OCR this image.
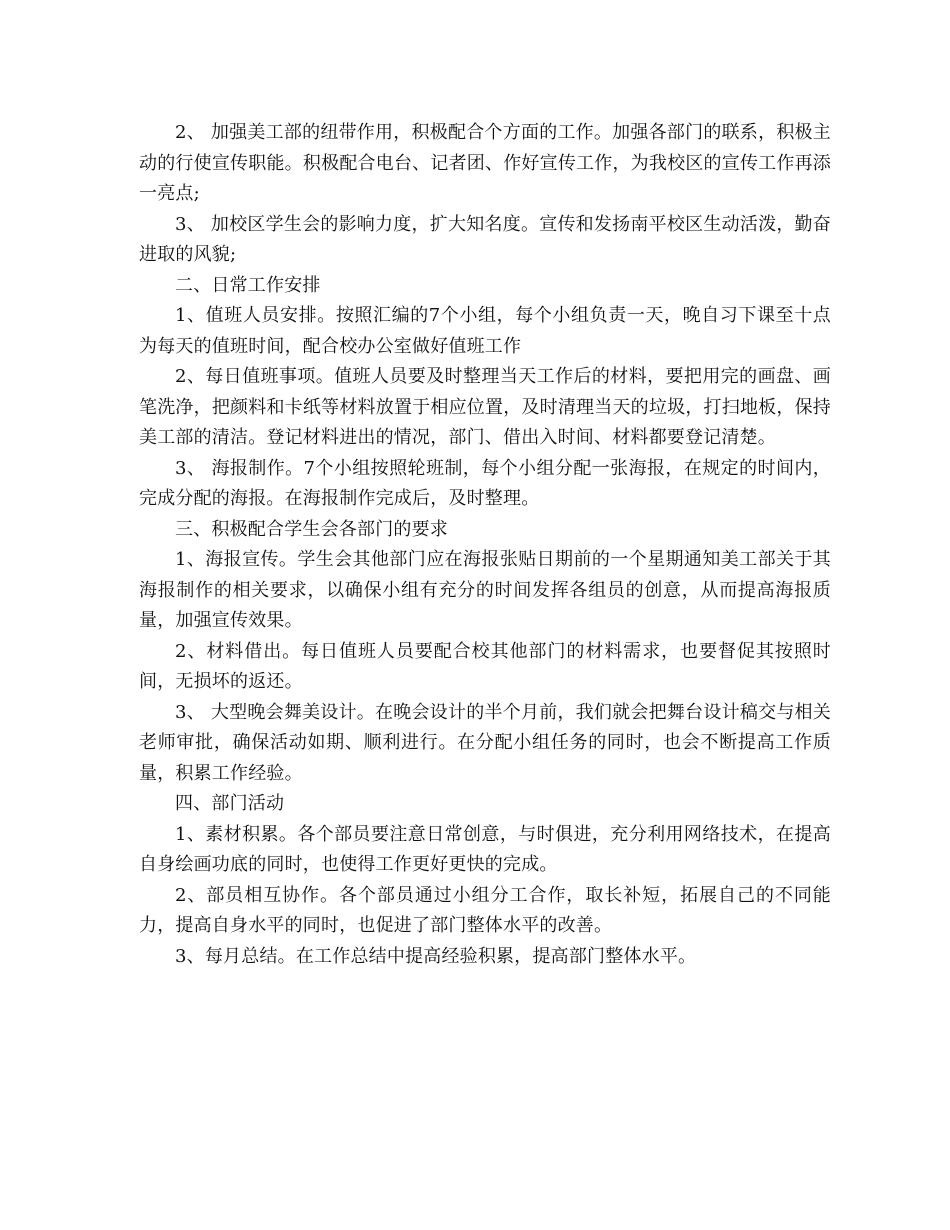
2、 加强美工部的纽带作用，积极配合个方面的工作。加强各部门的联系，积极主动的行使宣传职能。积极配合电台、记者团、作好宣传工作，为我校区的宣传工作再添一亮点;

3、 加校区学生会的影响力度，扩大知名度。宣传和发扬南平校区生动活泼，勤奋进取的风貌;

二、日常工作安排

1、值班人员安排。按照汇编的7个小组，每个小组负责一天，晚自习下课至十点为每天的值班时间，配合校办公室做好值班工作

2、每日值班事项。值班人员要及时整理当天工作后的材料，要把用完的画盘、画笔洗净，把颜料和卡纸等材料放置于相应位置，及时清理当天的垃圾，打扫地板，保持美工部的清洁。登记材料进出的情况，部门、借出入时间、材料都要登记清楚。

3、 海报制作。7个小组按照轮班制，每个小组分配一张海报，在规定的时间内，完成分配的海报。在海报制作完成后，及时整理。

三、积极配合学生会各部门的要求

1、海报宣传。学生会其他部门应在海报张贴日期前的一个星期通知美工部关于其海报制作的相关要求，以确保小组有充分的时间发挥各组员的创意，从而提高海报质量，加强宣传效果。

2、材料借出。每日值班人员要配合校其他部门的材料需求，也要督促其按照时间，无损坏的返还。

3、 大型晚会舞美设计。在晚会设计的半个月前，我们就会把舞台设计稿交与相关老师审批，确保活动如期、顺利进行。在分配小组任务的同时，也会不断提高工作质量，积累工作经验。

四、部门活动

1、素材积累。各个部员要注意日常创意，与时俱进，充分利用网络技术，在提高自身绘画功底的同时，也使得工作更好更快的完成。

2、部员相互协作。各个部员通过小组分工合作，取长补短，拓展自己的不同能力，提高自身水平的同时，也促进了部门整体水平的改善。

3、每月总结。在工作总结中提高经验积累，提高部门整体水平。
